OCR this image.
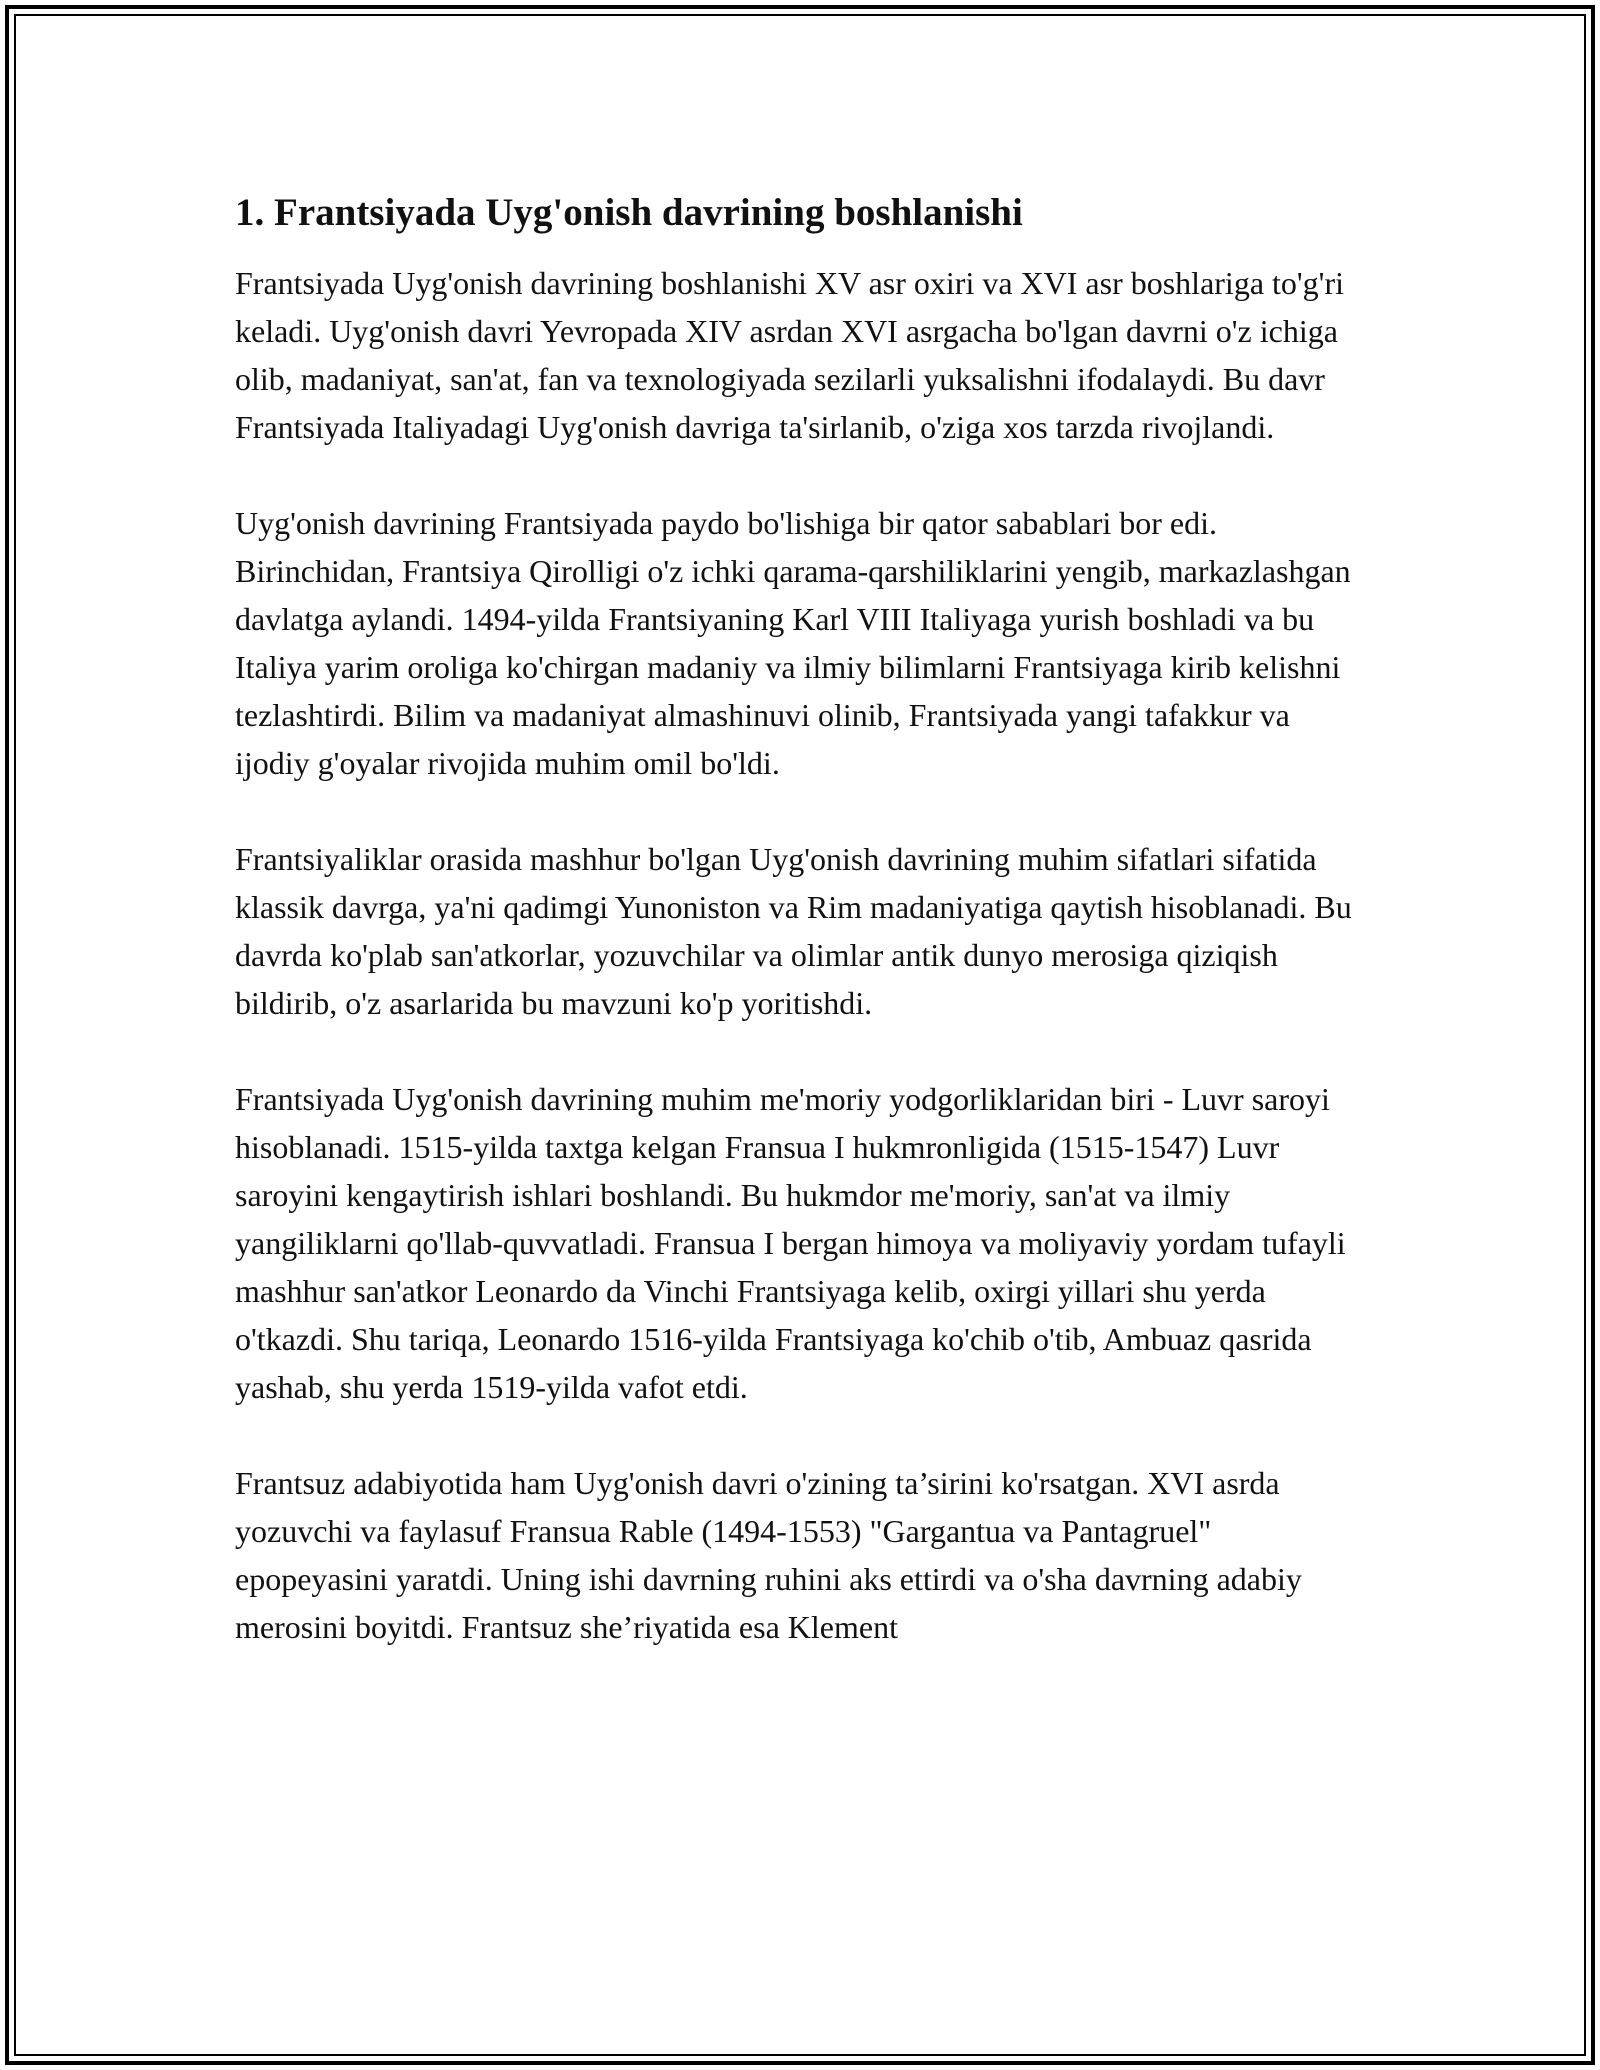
1. Frantsiyada Uyg'onish davrining boshlanishi

Frantsiyada Uyg'onish davrining boshlanishi XV asr oxiri va XVI asr boshlariga to'g'ri keladi. Uyg'onish davri Yevropada XIV asrdan XVI asrgacha bo'lgan davrni o'z ichiga olib, madaniyat, san'at, fan va texnologiyada sezilarli yuksalishni ifodalaydi. Bu davr Frantsiyada Italiyadagi Uyg'onish davriga ta'sirlanib, o'ziga xos tarzda rivojlandi.

Uyg'onish davrining Frantsiyada paydo bo'lishiga bir qator sabablari bor edi. Birinchidan, Frantsiya Qirolligi o'z ichki qarama-qarshiliklarini yengib, markazlashgan davlatga aylandi. 1494-yilda Frantsiyaning Karl VIII Italiyaga yurish boshladi va bu Italiya yarim oroliga ko'chirgan madaniy va ilmiy bilimlarni Frantsiyaga kirib kelishni tezlashtirdi. Bilim va madaniyat almashinuvi olinib, Frantsiyada yangi tafakkur va ijodiy g'oyalar rivojida muhim omil bo'ldi.

Frantsiyaliklar orasida mashhur bo'lgan Uyg'onish davrining muhim sifatlari sifatida klassik davrga, ya'ni qadimgi Yunoniston va Rim madaniyatiga qaytish hisoblanadi. Bu davrda ko'plab san'atkorlar, yozuvchilar va olimlar antik dunyo merosiga qiziqish bildirib, o'z asarlarida bu mavzuni ko'p yoritishdi.

Frantsiyada Uyg'onish davrining muhim me'moriy yodgorliklaridan biri - Luvr saroyi hisoblanadi. 1515-yilda taxtga kelgan Fransua I hukmronligida (1515-1547) Luvr saroyini kengaytirish ishlari boshlandi. Bu hukmdor me'moriy, san'at va ilmiy yangiliklarni qo'llab-quvvatladi. Fransua I bergan himoya va moliyaviy yordam tufayli mashhur san'atkor Leonardo da Vinchi Frantsiyaga kelib, oxirgi yillari shu yerda o'tkazdi. Shu tariqa, Leonardo 1516-yilda Frantsiyaga ko'chib o'tib, Ambuaz qasrida yashab, shu yerda 1519-yilda vafot etdi.

Frantsuz adabiyotida ham Uyg'onish davri o'zining ta’sirini ko'rsatgan. XVI asrda yozuvchi va faylasuf Fransua Rable (1494-1553) "Gargantua va Pantagruel" epopeyasini yaratdi. Uning ishi davrning ruhini aks ettirdi va o'sha davrning adabiy merosini boyitdi. Frantsuz she’riyatida esa Klement
